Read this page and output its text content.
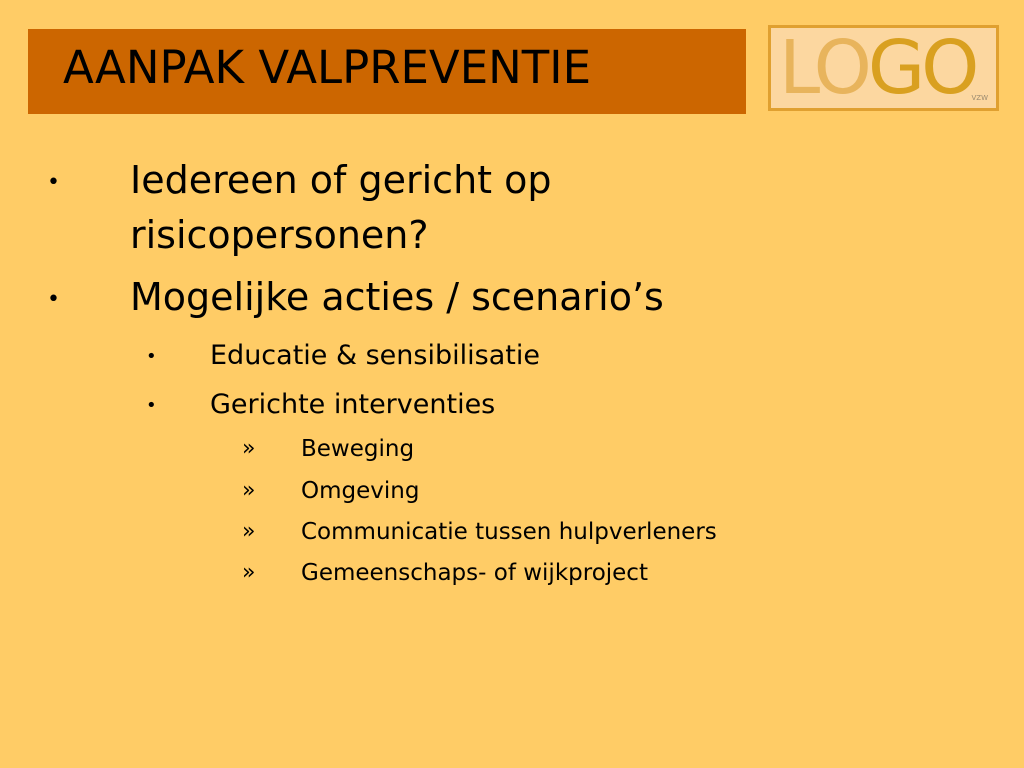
AANPAK VALPREVENTIE	LOGO
VZW
• Iedereen of gericht op
risicopersonen?
• Mogelijke acties / scenario’s
• Educatie & sensibilisatie
• Gerichte interventies
» Beweging
» Omgeving
» Communicatie tussen hulpverleners
» Gemeenschaps- of wijkproject
